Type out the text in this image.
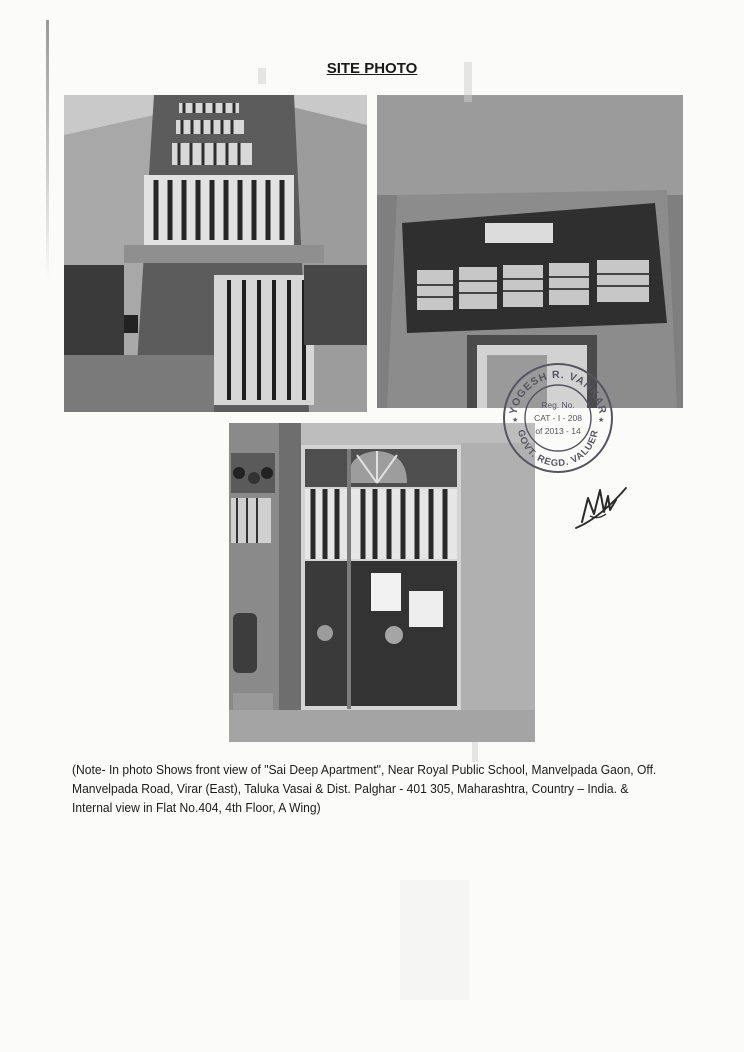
SITE PHOTO
YOGESH R. VANKAR
GOVT. REGD. VALUER
Reg. No.
CAT - I - 208
of 2013 - 14
★	★
(Note- In photo Shows front view of "Sai Deep Apartment", Near Royal Public School, Manvelpada Gaon, Off. Manvelpada Road, Virar (East), Taluka Vasai & Dist. Palghar - 401 305, Maharashtra, Country – India. & Internal view in Flat No.404, 4th Floor, A Wing)
